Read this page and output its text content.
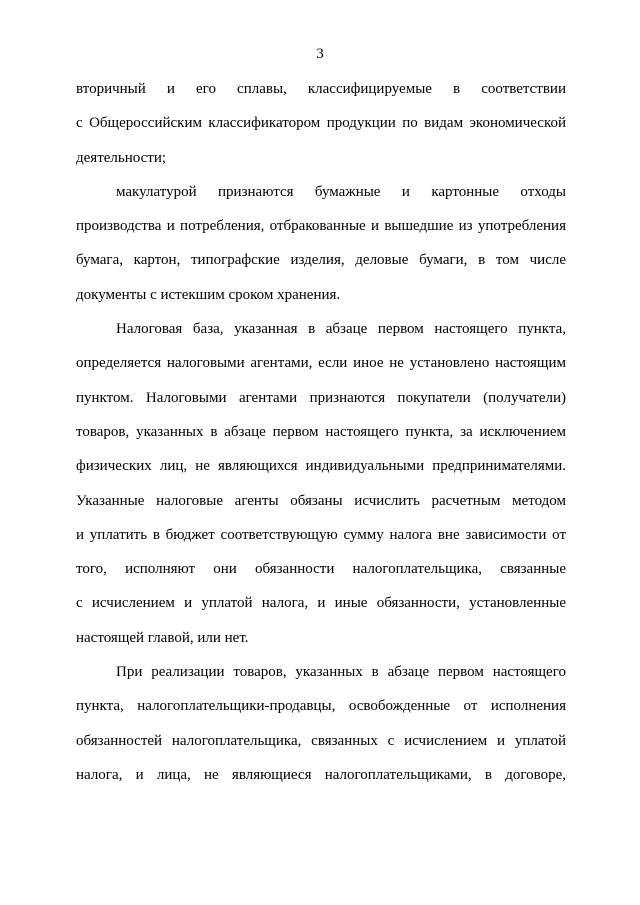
3
вторичный и его сплавы, классифицируемые в соответствии
с Общероссийским классификатором продукции по видам экономической
деятельности;
макулатурой признаются бумажные и картонные отходы
производства и потребления, отбракованные и вышедшие из употребления
бумага, картон, типографские изделия, деловые бумаги, в том числе
документы с истекшим сроком хранения.
Налоговая база, указанная в абзаце первом настоящего пункта,
определяется налоговыми агентами, если иное не установлено настоящим
пунктом. Налоговыми агентами признаются покупатели (получатели)
товаров, указанных в абзаце первом настоящего пункта, за исключением
физических лиц, не являющихся индивидуальными предпринимателями.
Указанные налоговые агенты обязаны исчислить расчетным методом
и уплатить в бюджет соответствующую сумму налога вне зависимости от
того, исполняют они обязанности налогоплательщика, связанные
с исчислением и уплатой налога, и иные обязанности, установленные
настоящей главой, или нет.
При реализации товаров, указанных в абзаце первом настоящего
пункта, налогоплательщики-продавцы, освобожденные от исполнения
обязанностей налогоплательщика, связанных с исчислением и уплатой
налога, и лица, не являющиеся налогоплательщиками, в договоре,
